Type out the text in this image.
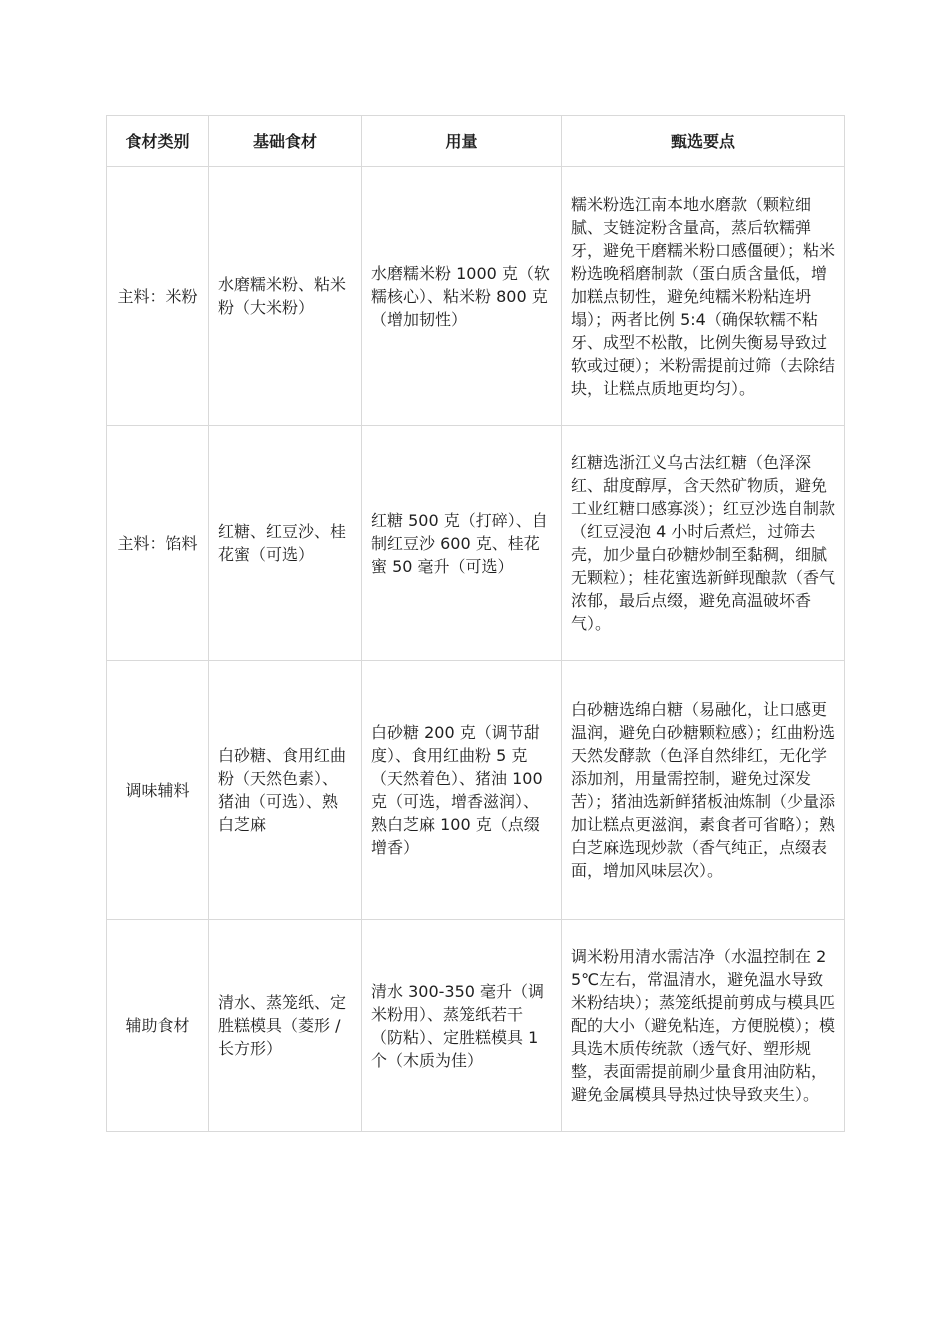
食材类别	基础食材	用量	甄选要点
主料：米粉	水磨糯米粉、粘米粉（大米粉）	水磨糯米粉 1000 克（软糯核心）、粘米粉 800 克（增加韧性）	糯米粉选江南本地水磨款（颗粒细腻、支链淀粉含量高，蒸后软糯弹牙，避免干磨糯米粉口感僵硬）；粘米粉选晚稻磨制款（蛋白质含量低，增加糕点韧性，避免纯糯米粉粘连坍塌）；两者比例 5:4（确保软糯不粘牙、成型不松散，比例失衡易导致过软或过硬）；米粉需提前过筛（去除结块，让糕点质地更均匀）。
主料：馅料	红糖、红豆沙、桂花蜜（可选）	红糖 500 克（打碎）、自制红豆沙 600 克、桂花蜜 50 毫升（可选）	红糖选浙江义乌古法红糖（色泽深红、甜度醇厚，含天然矿物质，避免工业红糖口感寡淡）；红豆沙选自制款（红豆浸泡 4 小时后煮烂，过筛去壳，加少量白砂糖炒制至黏稠，细腻无颗粒）；桂花蜜选新鲜现酿款（香气浓郁，最后点缀，避免高温破坏香气）。
调味辅料	白砂糖、食用红曲粉（天然色素）、猪油（可选）、熟白芝麻	白砂糖 200 克（调节甜度）、食用红曲粉 5 克（天然着色）、猪油 100 克（可选，增香滋润）、熟白芝麻 100 克（点缀增香）	白砂糖选绵白糖（易融化，让口感更温润，避免白砂糖颗粒感）；红曲粉选天然发酵款（色泽自然绯红，无化学添加剂，用量需控制，避免过深发苦）；猪油选新鲜猪板油炼制（少量添加让糕点更滋润，素食者可省略）；熟白芝麻选现炒款（香气纯正，点缀表面，增加风味层次）。
辅助食材	清水、蒸笼纸、定胜糕模具（菱形 / 长方形）	清水 300-350 毫升（调米粉用）、蒸笼纸若干（防粘）、定胜糕模具 1 个（木质为佳）	调米粉用清水需洁净（水温控制在 25℃左右，常温清水，避免温水导致米粉结块）；蒸笼纸提前剪成与模具匹配的大小（避免粘连，方便脱模）；模具选木质传统款（透气好、塑形规整，表面需提前刷少量食用油防粘，避免金属模具导热过快导致夹生）。
